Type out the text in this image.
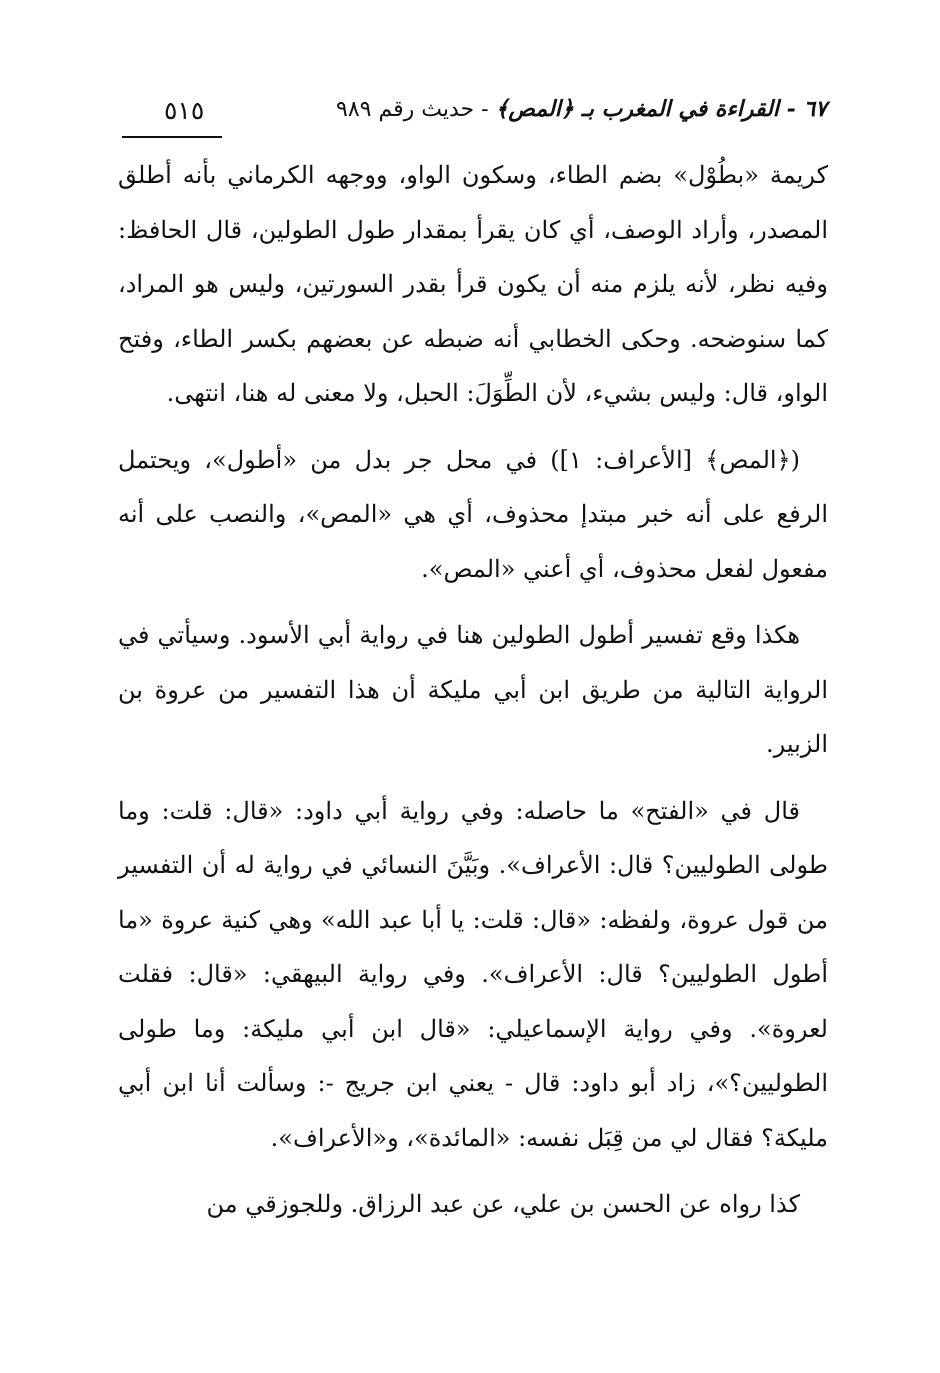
٦٧ - القراءة في المغرب بـ ﴿المص﴾ - حديث رقم ٩٨٩
٥١٥

كريمة «بطُوْل» بضم الطاء، وسكون الواو، ووجهه الكرماني بأنه أطلق المصدر، وأراد الوصف، أي كان يقرأ بمقدار طول الطولين، قال الحافظ: وفيه نظر، لأنه يلزم منه أن يكون قرأ بقدر السورتين، وليس هو المراد، كما سنوضحه. وحكى الخطابي أنه ضبطه عن بعضهم بكسر الطاء، وفتح الواو، قال: وليس بشيء، لأن الطِّوَلَ: الحبل، ولا معنى له هنا، انتهى.

(﴿المص﴾ [الأعراف: ١]) في محل جر بدل من «أطول»، ويحتمل الرفع على أنه خبر مبتدإ محذوف، أي هي «المص»، والنصب على أنه مفعول لفعل محذوف، أي أعني «المص».

هكذا وقع تفسير أطول الطولين هنا في رواية أبي الأسود. وسيأتي في الرواية التالية من طريق ابن أبي مليكة أن هذا التفسير من عروة بن الزبير.

قال في «الفتح» ما حاصله: وفي رواية أبي داود: «قال: قلت: وما طولى الطوليين؟ قال: الأعراف». وبَيَّنَ النسائي في رواية له أن التفسير من قول عروة، ولفظه: «قال: قلت: يا أبا عبد الله» وهي كنية عروة «ما أطول الطوليين؟ قال: الأعراف». وفي رواية البيهقي: «قال: فقلت لعروة». وفي رواية الإسماعيلي: «قال ابن أبي مليكة: وما طولى الطوليين؟»، زاد أبو داود: قال - يعني ابن جريج -: وسألت أنا ابن أبي مليكة؟ فقال لي من قِبَل نفسه: «المائدة»، و«الأعراف».

كذا رواه عن الحسن بن علي، عن عبد الرزاق. وللجوزقي من
